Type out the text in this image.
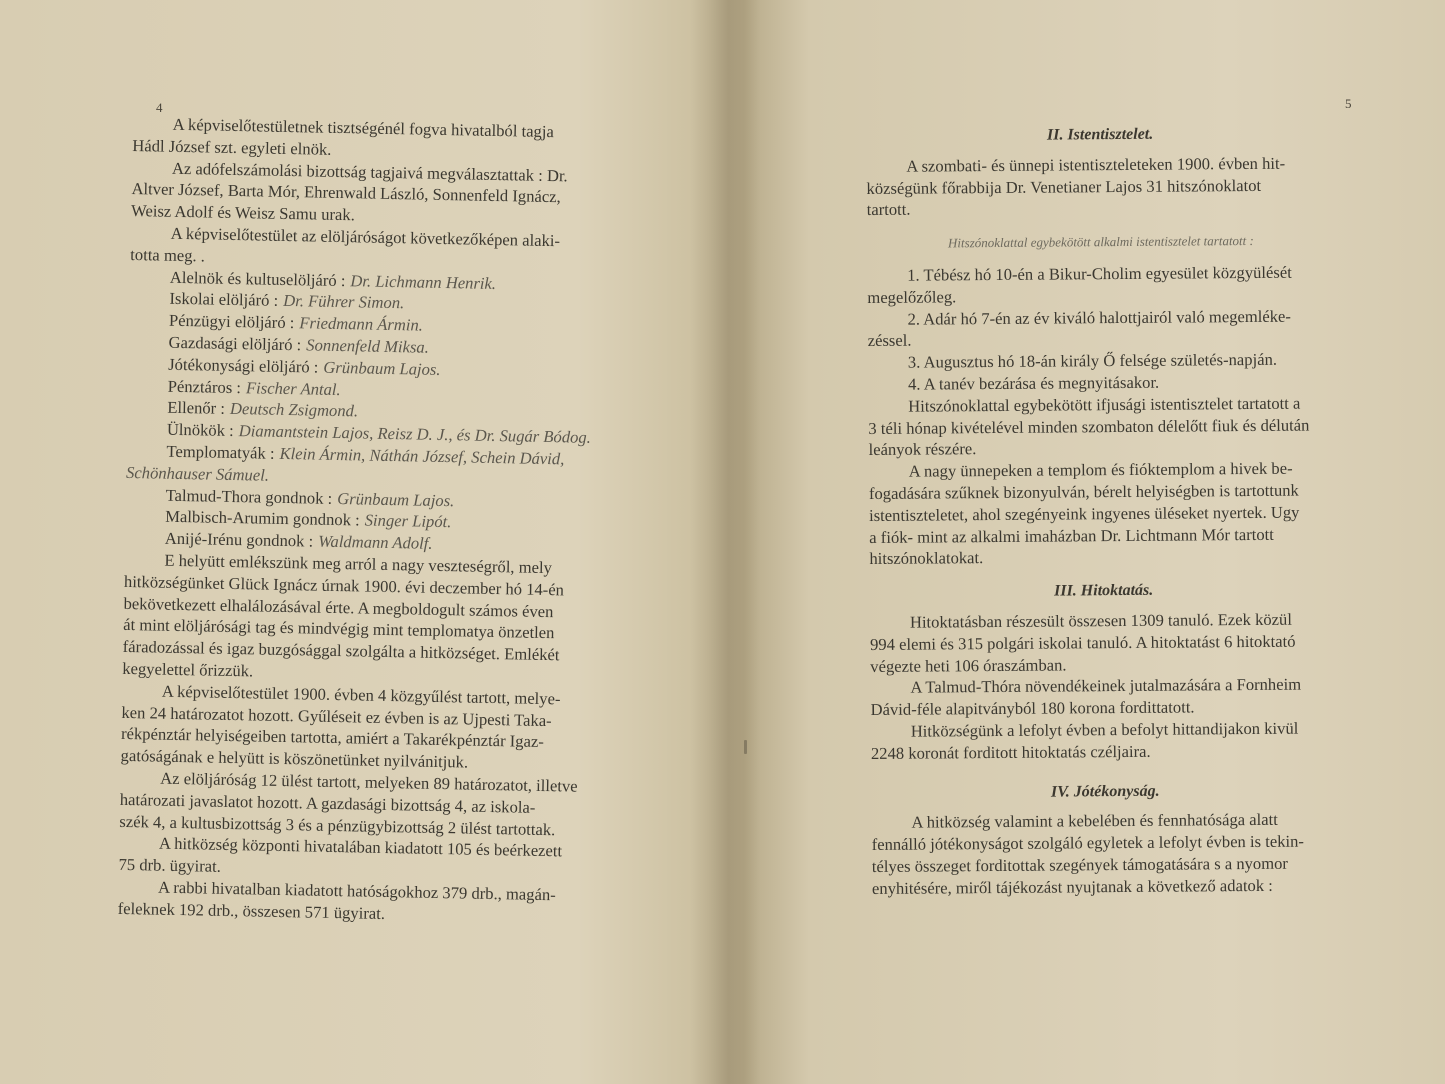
4
A képviselőtestületnek tisztségénél fogva hivatalból tagja
Hádl József szt. egyleti elnök.
Az adófelszámolási bizottság tagjaivá megválasztattak : Dr.
Altver József, Barta Mór, Ehrenwald László, Sonnenfeld Ignácz,
Weisz Adolf és Weisz Samu urak.
A képviselőtestület az elöljáróságot következőképen alaki-
totta meg. .
Alelnök és kultuselöljáró : Dr. Lichmann Henrik.
Iskolai elöljáró : Dr. Führer Simon.
Pénzügyi elöljáró : Friedmann Ármin.
Gazdasági elöljáró : Sonnenfeld Miksa.
Jótékonysági elöljáró : Grünbaum Lajos.
Pénztáros : Fischer Antal.
Ellenőr : Deutsch Zsigmond.
Ülnökök : Diamantstein Lajos, Reisz D. J., és Dr. Sugár Bódog.
Templomatyák : Klein Ármin, Náthán József, Schein Dávid,
Schönhauser Sámuel.
Talmud-Thora gondnok : Grünbaum Lajos.
Malbisch-Arumim gondnok : Singer Lipót.
Anijé-Irénu gondnok : Waldmann Adolf.
E helyütt emlékszünk meg arról a nagy veszteségről, mely
hitközségünket Glück Ignácz úrnak 1900. évi deczember hó 14-én
bekövetkezett elhalálozásával érte. A megboldogult számos éven
át mint elöljárósági tag és mindvégig mint templomatya önzetlen
fáradozással és igaz buzgósággal szolgálta a hitközséget. Emlékét
kegyelettel őrizzük.
A képviselőtestület 1900. évben 4 közgyűlést tartott, melye-
ken 24 határozatot hozott. Gyűléseit ez évben is az Ujpesti Taka-
rékpénztár helyiségeiben tartotta, amiért a Takarékpénztár Igaz-
gatóságának e helyütt is köszönetünket nyilvánitjuk.
Az elöljáróság 12 ülést tartott, melyeken 89 határozatot, illetve
határozati javaslatot hozott. A gazdasági bizottság 4, az iskola-
szék 4, a kultusbizottság 3 és a pénzügybizottság 2 ülést tartottak.
A hitközség központi hivatalában kiadatott 105 és beérkezett
75 drb. ügyirat.
A rabbi hivatalban kiadatott hatóságokhoz 379 drb., magán-
feleknek 192 drb., összesen 571 ügyirat.
5
II. Istentisztelet.
A szombati- és ünnepi istentiszteleteken 1900. évben hit-
községünk főrabbija Dr. Venetianer Lajos 31 hitszónoklatot
tartott.
Hitszónoklattal egybekötött alkalmi istentisztelet tartatott :
1. Tébész hó 10-én a Bikur-Cholim egyesület közgyülését
megelőzőleg.
2. Adár hó 7-én az év kiváló halottjairól való megemléke-
zéssel.
3. Augusztus hó 18-án király Ő felsége születés-napján.
4. A tanév bezárása és megnyitásakor.
Hitszónoklattal egybekötött ifjusági istentisztelet tartatott a
3 téli hónap kivételével minden szombaton délelőtt fiuk és délután
leányok részére.
A nagy ünnepeken a templom és fióktemplom a hivek be-
fogadására szűknek bizonyulván, bérelt helyiségben is tartottunk
istentiszteletet, ahol szegényeink ingyenes üléseket nyertek. Ugy
a fiók- mint az alkalmi imaházban Dr. Lichtmann Mór tartott
hitszónoklatokat.
III. Hitoktatás.
Hitoktatásban részesült összesen 1309 tanuló. Ezek közül
994 elemi és 315 polgári iskolai tanuló. A hitoktatást 6 hitoktató
végezte heti 106 óraszámban.
A Talmud-Thóra növendékeinek jutalmazására a Fornheim
Dávid-féle alapitványból 180 korona fordittatott.
Hitközségünk a lefolyt évben a befolyt hittandijakon kivül
2248 koronát forditott hitoktatás czéljaira.
IV. Jótékonyság.
A hitközség valamint a kebelében és fennhatósága alatt
fennálló jótékonyságot szolgáló egyletek a lefolyt évben is tekin-
télyes összeget forditottak szegények támogatására s a nyomor
enyhitésére, miről tájékozást nyujtanak a következő adatok :
